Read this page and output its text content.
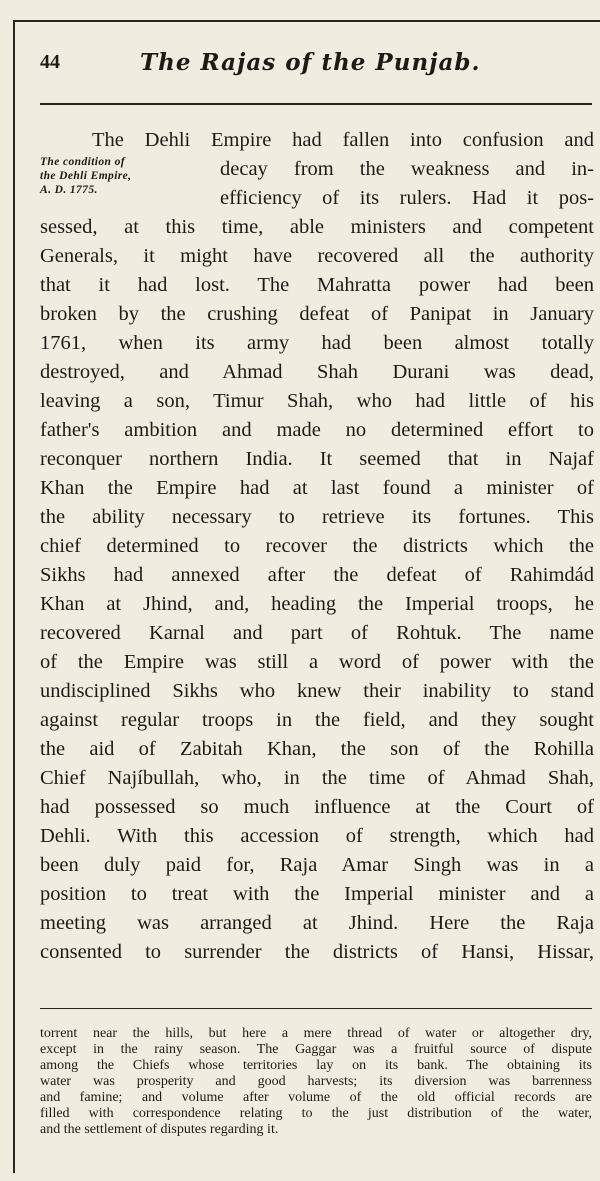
44	The Rajas of the Punjab.
The condition of
the Dehli Empire,
A. D. 1775.
The Dehli Empire had fallen into confusion and
decay from the weakness and in-
efficiency of its rulers. Had it pos-
sessed, at this time, able ministers and competent
Generals, it might have recovered all the authority
that it had lost. The Mahratta power had been
broken by the crushing defeat of Panipat in January
1761, when its army had been almost totally
destroyed, and Ahmad Shah Durani was dead,
leaving a son, Timur Shah, who had little of his
father's ambition and made no determined effort to
reconquer northern India. It seemed that in Najaf
Khan the Empire had at last found a minister of
the ability necessary to retrieve its fortunes. This
chief determined to recover the districts which the
Sikhs had annexed after the defeat of Rahimdád
Khan at Jhind, and, heading the Imperial troops, he
recovered Karnal and part of Rohtuk. The name
of the Empire was still a word of power with the
undisciplined Sikhs who knew their inability to stand
against regular troops in the field, and they sought
the aid of Zabitah Khan, the son of the Rohilla
Chief Najíbullah, who, in the time of Ahmad Shah,
had possessed so much influence at the Court of
Dehli. With this accession of strength, which had
been duly paid for, Raja Amar Singh was in a
position to treat with the Imperial minister and a
meeting was arranged at Jhind. Here the Raja
consented to surrender the districts of Hansi, Hissar,
torrent near the hills, but here a mere thread of water or altogether dry,
except in the rainy season. The Gaggar was a fruitful source of dispute
among the Chiefs whose territories lay on its bank. The obtaining its
water was prosperity and good harvests; its diversion was barrenness
and famine; and volume after volume of the old official records are
filled with correspondence relating to the just distribution of the water,
and the settlement of disputes regarding it.
